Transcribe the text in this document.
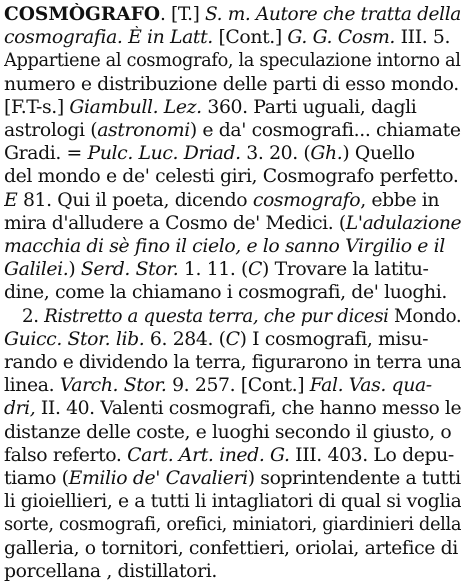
COSMÒGRAFO. [T.] S. m. Autore che tratta della
cosmografia. È in Latt. [Cont.] G. G. Cosm. III. 5.
Appartiene al cosmografo, la speculazione intorno al
numero e distribuzione delle parti di esso mondo.
[F.T-s.] Giambull. Lez. 360. Parti uguali, dagli
astrologi (astronomi) e da' cosmografi... chiamate
Gradi. = Pulc. Luc. Driad. 3. 20. (Gh.) Quello
del mondo e de' celesti giri, Cosmografo perfetto.
E 81. Qui il poeta, dicendo cosmografo, ebbe in
mira d'alludere a Cosmo de' Medici. (L'adulazione
macchia di sè fino il cielo, e lo sanno Virgilio e il
Galilei.) Serd. Stor. 1. 11. (C) Trovare la latitu-
dine, come la chiamano i cosmografi, de' luoghi.
2. Ristretto a questa terra, che pur dicesi Mondo.
Guicc. Stor. lib. 6. 284. (C) I cosmografi, misu-
rando e dividendo la terra, figurarono in terra una
linea. Varch. Stor. 9. 257. [Cont.] Fal. Vas. qua-
dri, II. 40. Valenti cosmografi, che hanno messo le
distanze delle coste, e luoghi secondo il giusto, o
falso referto. Cart. Art. ined. G. III. 403. Lo depu-
tiamo (Emilio de' Cavalieri) soprintendente a tutti
li gioiellieri, e a tutti li intagliatori di qual si voglia
sorte, cosmografi, orefici, miniatori, giardinieri della
galleria, o tornitori, confettieri, oriolai, artefice di
porcellana , distillatori.
